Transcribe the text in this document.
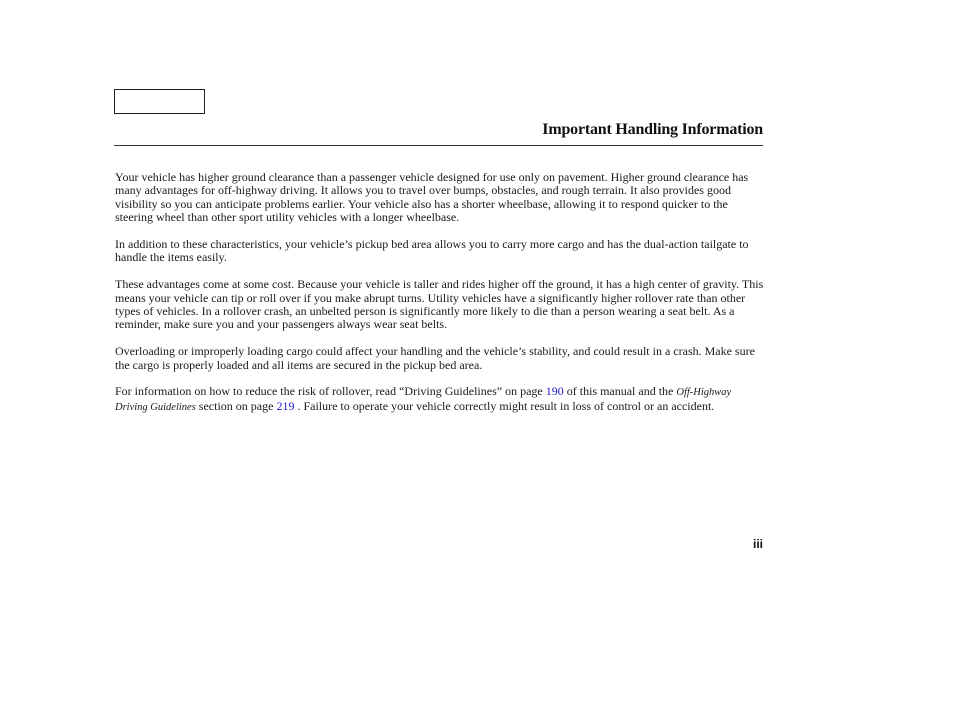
Important Handling Information

Your vehicle has higher ground clearance than a passenger vehicle designed for use only on pavement. Higher ground clearance has many advantages for off-highway driving. It allows you to travel over bumps, obstacles, and rough terrain. It also provides good visibility so you can anticipate problems earlier. Your vehicle also has a shorter wheelbase, allowing it to respond quicker to the steering wheel than other sport utility vehicles with a longer wheelbase.

In addition to these characteristics, your vehicle’s pickup bed area allows you to carry more cargo and has the dual-action tailgate to handle the items easily.

These advantages come at some cost. Because your vehicle is taller and rides higher off the ground, it has a high center of gravity. This means your vehicle can tip or roll over if you make abrupt turns. Utility vehicles have a significantly higher rollover rate than other types of vehicles. In a rollover crash, an unbelted person is significantly more likely to die than a person wearing a seat belt. As a reminder, make sure you and your passengers always wear seat belts.

Overloading or improperly loading cargo could affect your handling and the vehicle’s stability, and could result in a crash. Make sure the cargo is properly loaded and all items are secured in the pickup bed area.

For information on how to reduce the risk of rollover, read “Driving Guidelines” on page 190 of this manual and the Off-Highway Driving Guidelines section on page 219 . Failure to operate your vehicle correctly might result in loss of control or an accident.

iii
